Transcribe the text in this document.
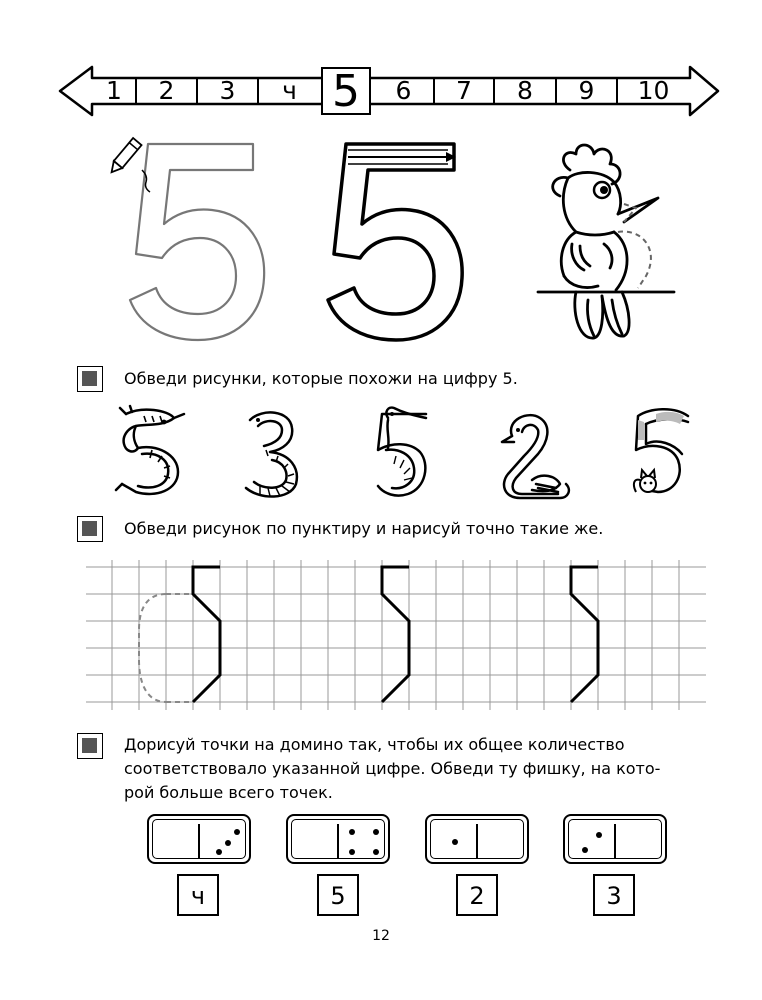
1	2	3	ч 5	6	7	8	9	10
Обведи рисунки, которые похожи на цифру 5.
Обведи рисунок по пунктиру и нарисуй точно такие же.
Дорисуй точки на домино так, чтобы их общее количество
соответствовало указанной цифре. Обведи ту фишку, на кото-
рой больше всего точек.
ч	5	2	3
12
